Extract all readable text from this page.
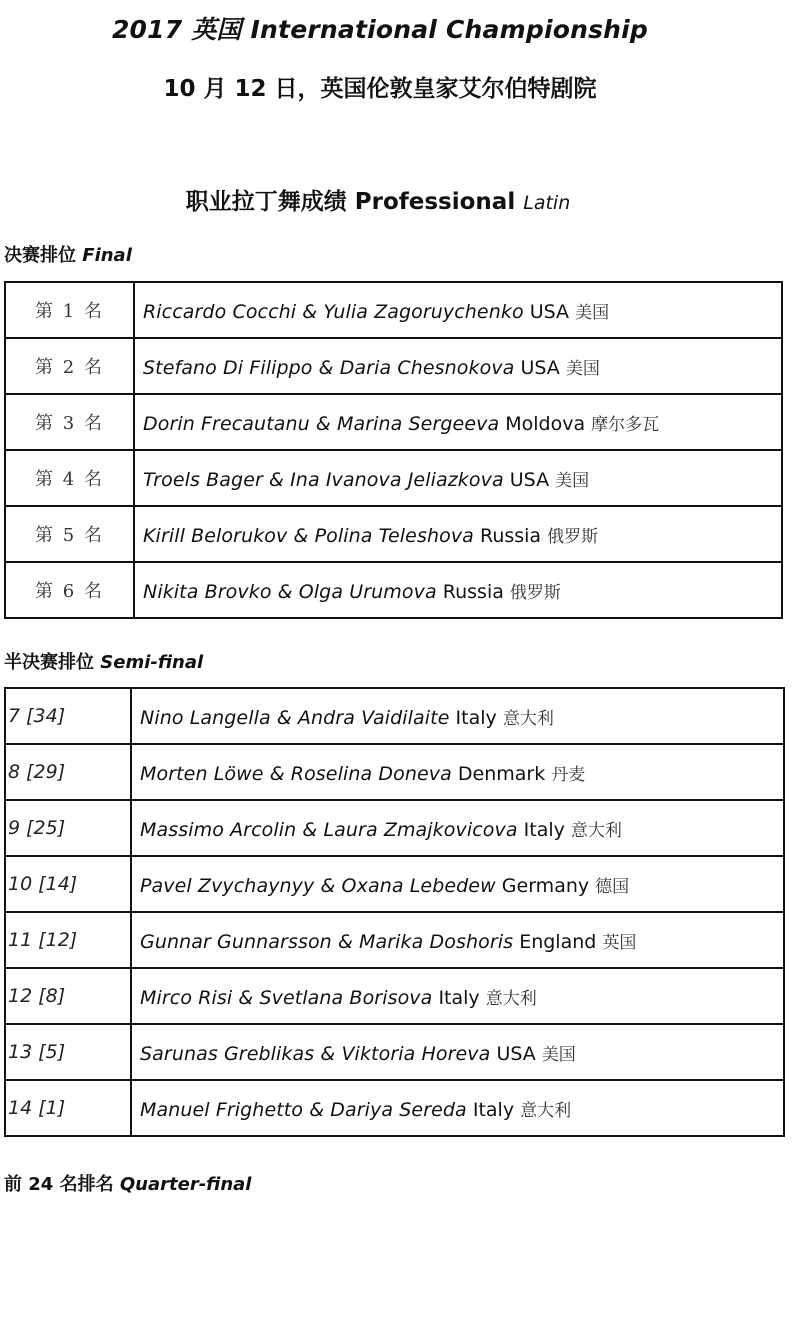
2017 英国 International Championship
10 月 12 日，英国伦敦皇家艾尔伯特剧院
职业拉丁舞成绩 Professional Latin
决赛排位 Final
第 1 名	Riccardo Cocchi & Yulia Zagoruychenko USA 美国
第 2 名	Stefano Di Filippo & Daria Chesnokova USA 美国
第 3 名	Dorin Frecautanu & Marina Sergeeva Moldova 摩尔多瓦
第 4 名	Troels Bager & Ina Ivanova Jeliazkova USA 美国
第 5 名	Kirill Belorukov & Polina Teleshova Russia 俄罗斯
第 6 名	Nikita Brovko & Olga Urumova Russia 俄罗斯
半决赛排位 Semi-final
7 [34]	Nino Langella & Andra Vaidilaite Italy 意大利
8 [29]	Morten Löwe & Roselina Doneva Denmark 丹麦
9 [25]	Massimo Arcolin & Laura Zmajkovicova Italy 意大利
10 [14]	Pavel Zvychaynyy & Oxana Lebedew Germany 德国
11 [12]	Gunnar Gunnarsson & Marika Doshoris England 英国
12 [8]	Mirco Risi & Svetlana Borisova Italy 意大利
13 [5]	Sarunas Greblikas & Viktoria Horeva USA 美国
14 [1]	Manuel Frighetto & Dariya Sereda Italy 意大利
前 24 名排名 Quarter-final
